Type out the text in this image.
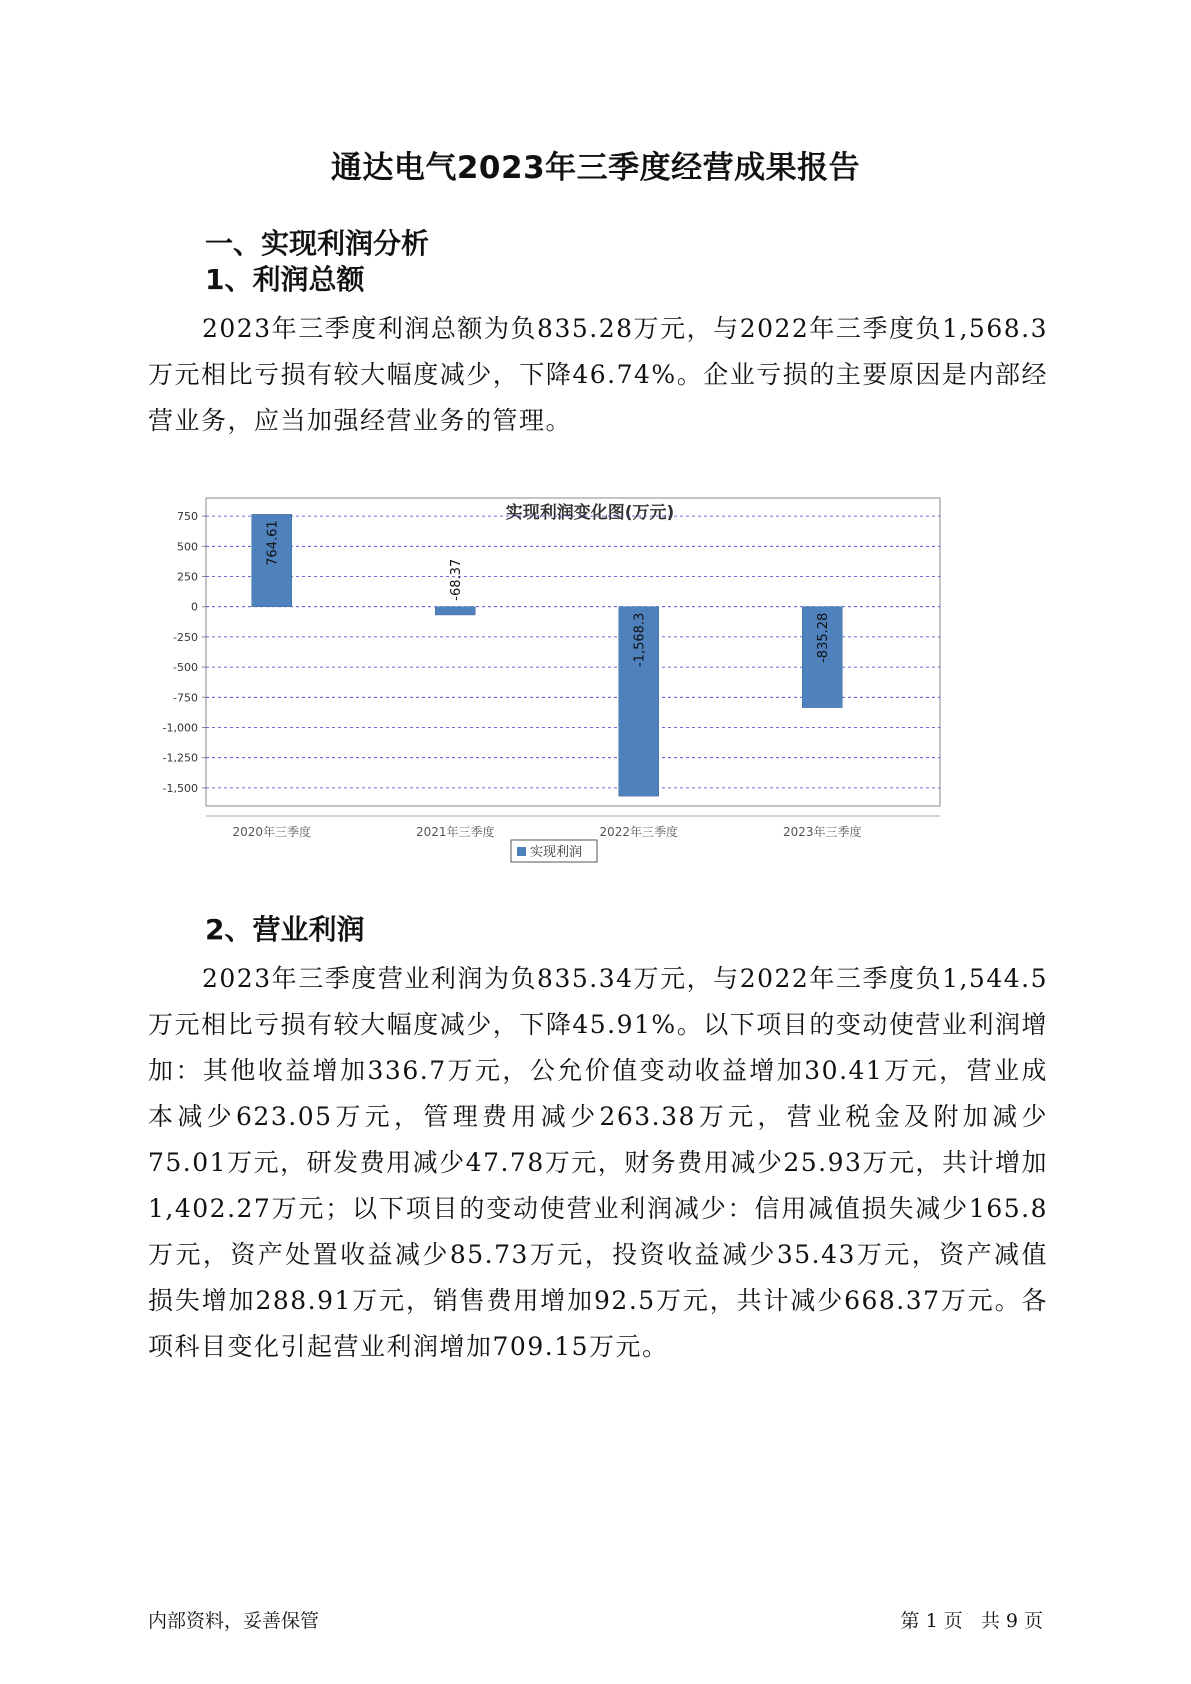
通达电气2023年三季度经营成果报告
一、实现利润分析
1、利润总额

2023年三季度利润总额为负835.28万元，与2022年三季度负1,568.3万元相比亏损有较大幅度减少，下降46.74%。企业亏损的主要原因是内部经营业务，应当加强经营业务的管理。

实现利润变化图(万元)
750
500
250
0
-250
-500
-750
-1,000
-1,250
-1,500
764.61
2020年三季度
-68.37
2021年三季度
-1,568.3
2022年三季度
-835.28
2023年三季度
实现利润
2、营业利润

2023年三季度营业利润为负835.34万元，与2022年三季度负1,544.5万元相比亏损有较大幅度减少，下降45.91%。以下项目的变动使营业利润增加：其他收益增加336.7万元，公允价值变动收益增加30.41万元，营业成本减少623.05万元，管理费用减少263.38万元，营业税金及附加减少75.01万元，研发费用减少47.78万元，财务费用减少25.93万元，共计增加1,402.27万元；以下项目的变动使营业利润减少：信用减值损失减少165.8万元，资产处置收益减少85.73万元，投资收益减少35.43万元，资产减值损失增加288.91万元，销售费用增加92.5万元，共计减少668.37万元。各项科目变化引起营业利润增加709.15万元。

内部资料，妥善保管	第 1 页   共 9 页
